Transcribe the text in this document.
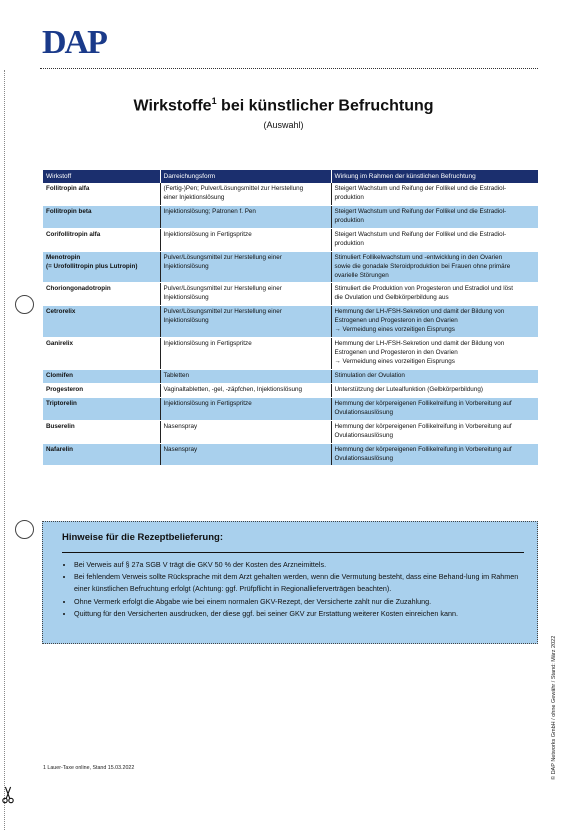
DAP
Wirkstoffe$^1$ bei künstlicher Befruchtung
(Auswahl)
Wirkstoff	Darreichungsform	Wirkung im Rahmen der künstlichen Befruchtung

Follitropin alfa	(Fertig-)Pen; Pulver/Lösungsmittel zur Herstellung
einer Injektionslösung	Steigert Wachstum und Reifung der Follikel und die Estradiol-
produktion

Follitropin beta	Injektionslösung; Patronen f. Pen	Steigert Wachstum und Reifung der Follikel und die Estradiol-
produktion

Corifollitropin alfa	Injektionslösung in Fertigspritze	Steigert Wachstum und Reifung der Follikel und die Estradiol-
produktion

Menotropin
(= Urofollitropin plus Lutropin)	Pulver/Lösungsmittel zur Herstellung einer
Injektionslösung	Stimuliert Follikelwachstum und -entwicklung in den Ovarien
sowie die gonadale Steroidproduktion bei Frauen ohne primäre
ovarielle Störungen

Choriongonadotropin	Pulver/Lösungsmittel zur Herstellung einer
Injektionslösung	Stimuliert die Produktion von Progesteron und Estradiol und löst
die Ovulation und Gelbkörperbildung aus

Cetrorelix	Pulver/Lösungsmittel zur Herstellung einer
Injektionslösung	Hemmung der LH-/FSH-Sekretion und damit der Bildung von
Estrogenen und Progesteron in den Ovarien
→ Vermeidung eines vorzeitigen Eisprungs

Ganirelix	Injektionslösung in Fertigspritze	Hemmung der LH-/FSH-Sekretion und damit der Bildung von
Estrogenen und Progesteron in den Ovarien
→ Vermeidung eines vorzeitigen Eisprungs

Clomifen	Tabletten	Stimulation der Ovulation

Progesteron	Vaginaltabletten, -gel, -zäpfchen, Injektionslösung	Unterstützung der Lutealfunktion (Gelbkörperbildung)

Triptorelin	Injektionslösung in Fertigspritze	Hemmung der körpereigenen Follikelreifung in Vorbereitung auf
Ovulationsauslösung

Buserelin	Nasenspray	Hemmung der körpereigenen Follikelreifung in Vorbereitung auf
Ovulationsauslösung

Nafarelin	Nasenspray	Hemmung der körpereigenen Follikelreifung in Vorbereitung auf
Ovulationsauslösung
Hinweise für die Rezeptbelieferung:
• Bei Verweis auf § 27a SGB V trägt die GKV 50 % der Kosten des Arzneimittels.
• Bei fehlendem Verweis sollte Rücksprache mit dem Arzt gehalten werden, wenn die Vermutung besteht, dass eine Behand-lung im Rahmen einer künstlichen Befruchtung erfolgt (Achtung: ggf. Prüfpflicht in Regionallieferverträgen beachten).
• Ohne Vermerk erfolgt die Abgabe wie bei einem normalen GKV-Rezept, der Versicherte zahlt nur die Zuzahlung.
• Quittung für den Versicherten ausdrucken, der diese ggf. bei seiner GKV zur Erstattung weiterer Kosten einreichen kann.
1 Lauer-Taxe online, Stand 15.03.2022	© DAP Networks GmbH / ohne Gewähr / Stand: März 2022
